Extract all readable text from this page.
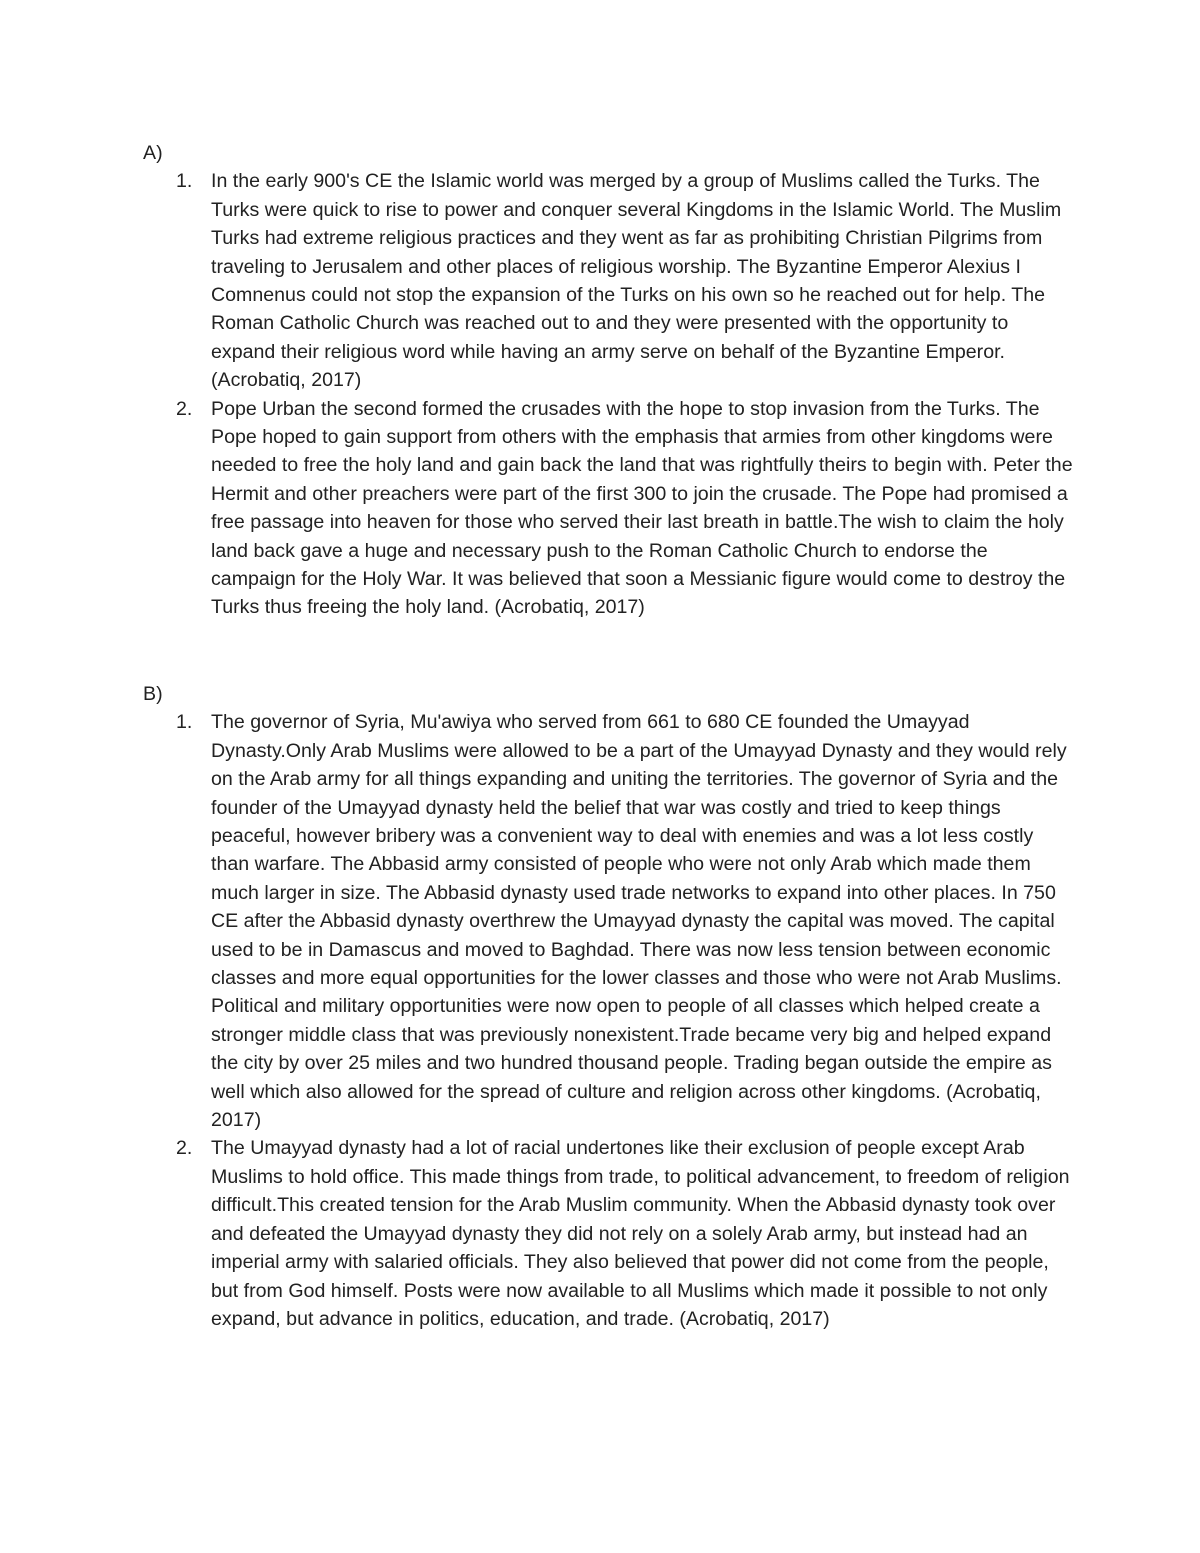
A)

1. In the early 900's CE the Islamic world was merged by a group of Muslims called the Turks. The Turks were quick to rise to power and conquer several Kingdoms in the Islamic World. The Muslim Turks had extreme religious practices and they went as far as prohibiting Christian Pilgrims from traveling to Jerusalem and other places of religious worship. The Byzantine Emperor Alexius I Comnenus could not stop the expansion of the Turks on his own so he reached out for help. The Roman Catholic Church was reached out to and they were presented with the opportunity to expand their religious word while having an army serve on behalf of the Byzantine Emperor. (Acrobatiq, 2017)
2. Pope Urban the second formed the crusades with the hope to stop invasion from the Turks. The Pope hoped to gain support from others with the emphasis that armies from other kingdoms were needed to free the holy land and gain back the land that was rightfully theirs to begin with. Peter the Hermit and other preachers were part of the first 300 to join the crusade. The Pope had promised a free passage into heaven for those who served their last breath in battle.The wish to claim the holy land back gave a huge and necessary push to the Roman Catholic Church to endorse the campaign for the Holy War. It was believed that soon a Messianic figure would come to destroy the Turks thus freeing the holy land. (Acrobatiq, 2017)

B)

1. The governor of Syria, Mu'awiya who served from 661 to 680 CE founded the Umayyad Dynasty.Only Arab Muslims were allowed to be a part of the Umayyad Dynasty and they would rely on the Arab army for all things expanding and uniting the territories. The governor of Syria and the founder of the Umayyad dynasty held the belief that war was costly and tried to keep things peaceful, however bribery was a convenient way to deal with enemies and was a lot less costly than warfare. The Abbasid army consisted of people who were not only Arab which made them much larger in size. The Abbasid dynasty used trade networks to expand into other places. In 750 CE after the Abbasid dynasty overthrew the Umayyad dynasty the capital was moved. The capital used to be in Damascus and moved to Baghdad. There was now less tension between economic classes and more equal opportunities for the lower classes and those who were not Arab Muslims. Political and military opportunities were now open to people of all classes which helped create a stronger middle class that was previously nonexistent.Trade became very big and helped expand the city by over 25 miles and two hundred thousand people. Trading began outside the empire as well which also allowed for the spread of culture and religion across other kingdoms. (Acrobatiq, 2017)
2. The Umayyad dynasty had a lot of racial undertones like their exclusion of people except Arab Muslims to hold office. This made things from trade, to political advancement, to freedom of religion difficult.This created tension for the Arab Muslim community. When the Abbasid dynasty took over and defeated the Umayyad dynasty they did not rely on a solely Arab army, but instead had an imperial army with salaried officials. They also believed that power did not come from the people, but from God himself. Posts were now available to all Muslims which made it possible to not only expand, but advance in politics, education, and trade. (Acrobatiq, 2017)
